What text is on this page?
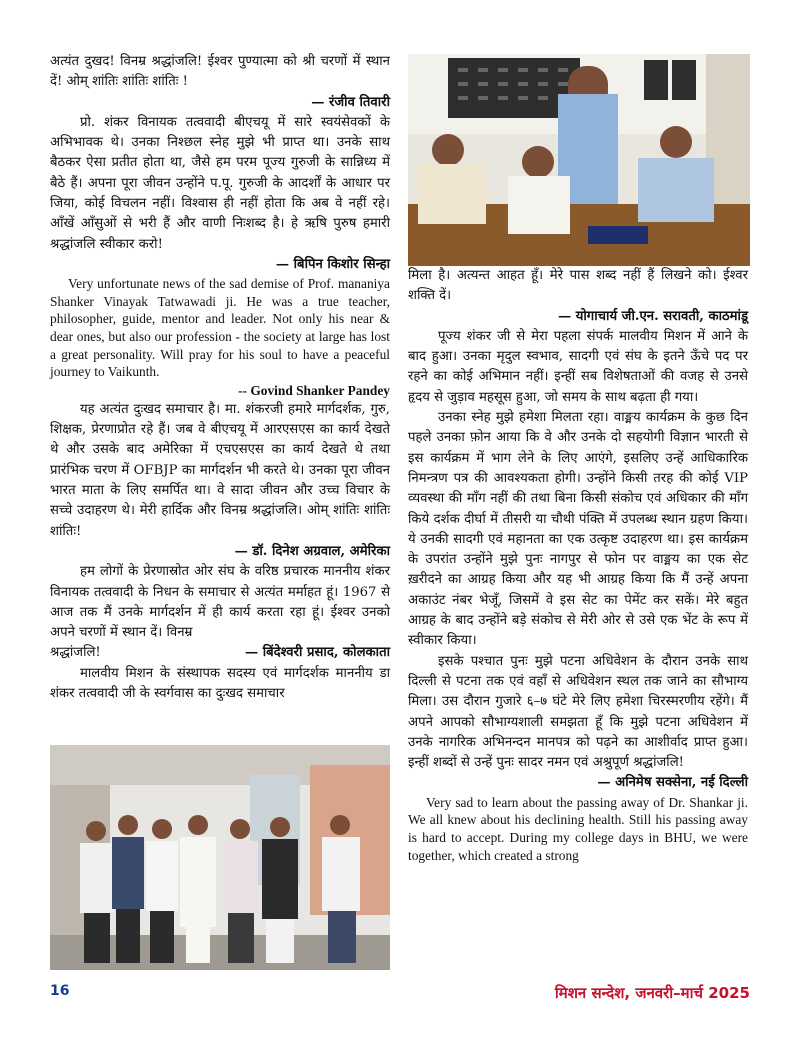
अत्यंत दुखद! विनम्र श्रद्धांजलि! ईश्वर पुण्यात्मा को श्री चरणों में स्थान दें! ओम् शांतिः शांतिः शांतिः !

— रंजीव तिवारी

प्रो. शंकर विनायक तत्ववादी बीएचयू में सारे स्वयंसेवकों के अभिभावक थे। उनका निश्छल स्नेह मुझे भी प्राप्त था। उनके साथ बैठकर ऐसा प्रतीत होता था, जैसे हम परम पूज्य गुरुजी के सान्निध्य में बैठे हैं। अपना पूरा जीवन उन्होंने प.पू. गुरुजी के आदर्शों के आधार पर जिया, कोई विचलन नहीं। विश्वास ही नहीं होता कि अब वे नहीं रहे। आँखें आँसुओं से भरी हैं और वाणी निःशब्द है। हे ऋषि पुरुष हमारी श्रद्धांजलि स्वीकार करो!

— बिपिन किशोर सिन्हा

Very unfortunate news of the sad demise of Prof. mananiya Shanker Vinayak Tatwawadi ji. He was a true teacher, philosopher, guide, mentor and leader. Not only his near & dear ones, but also our profession - the society at large has lost a great personality. Will pray for his soul to have a peaceful journey to Vaikunth.

-- Govind Shanker Pandey

यह अत्यंत दुःखद समाचार है। मा. शंकरजी हमारे मार्गदर्शक, गुरु, शिक्षक, प्रेरणाप्रोत रहे हैं। जब वे बीएचयू में आरएसएस का कार्य देखते थे और उसके बाद अमेरिका में एचएसएस का कार्य देखते थे तथा प्रारंभिक चरण में OFBJP का मार्गदर्शन भी करते थे। उनका पूरा जीवन भारत माता के लिए समर्पित था। वे सादा जीवन और उच्च विचार के सच्चे उदाहरण थे। मेरी हार्दिक और विनम्र श्रद्धांजलि। ओम् शांतिः शांतिः शांतिः!

— डॉ. दिनेश अग्रवाल, अमेरिका

हम लोगों के प्रेरणास्रोत ओर संघ के वरिष्ठ प्रचारक माननीय शंकर विनायक तत्ववादी के निधन के समाचार से अत्यंत मर्माहत हूं। 1967 से आज तक मैं उनके मार्गदर्शन में ही कार्य करता रहा हूं। ईश्वर उनको अपने चरणों में स्थान दें। विनम्र

श्रद्धांजलि!	— बिंदेश्वरी प्रसाद, कोलकाता

मालवीय मिशन के संस्थापक सदस्य एवं मार्गदर्शक माननीय डा शंकर तत्ववादी जी के स्वर्गवास का दुःखद समाचार

मिला है। अत्यन्त आहत हूँ। मेरे पास शब्द नहीं हैं लिखने को। ईश्वर शक्ति दें।

— योगाचार्य जी.एन. सरावती, काठमांडू

पूज्य शंकर जी से मेरा पहला संपर्क मालवीय मिशन में आने के बाद हुआ। उनका मृदुल स्वभाव, सादगी एवं संघ के इतने ऊँचे पद पर रहने का कोई अभिमान नहीं। इन्हीं सब विशेषताओं की वजह से उनसे हृदय से जुड़ाव महसूस हुआ, जो समय के साथ बढ़ता ही गया।

उनका स्नेह मुझे हमेशा मिलता रहा। वाङ्मय कार्यक्रम के कुछ दिन पहले उनका फ़ोन आया कि वे और उनके दो सहयोगी विज्ञान भारती से इस कार्यक्रम में भाग लेने के लिए आएंगे, इसलिए उन्हें आधिकारिक निमन्त्रण पत्र की आवश्यकता होगी। उन्होंने किसी तरह की कोई VIP व्यवस्था की माँग नहीं की तथा बिना किसी संकोच एवं अधिकार की माँग किये दर्शक दीर्घा में तीसरी या चौथी पंक्ति में उपलब्ध स्थान ग्रहण किया। ये उनकी सादगी एवं महानता का एक उत्कृष्ट उदाहरण था। इस कार्यक्रम के उपरांत उन्होंने मुझे पुनः नागपुर से फोन पर वाङ्मय का एक सेट ख़रीदने का आग्रह किया और यह भी आग्रह किया कि मैं उन्हें अपना अकाउंट नंबर भेजूँ, जिसमें वे इस सेट का पेमेंट कर सकें। मेरे बहुत आग्रह के बाद उन्होंने बड़े संकोच से मेरी ओर से उसे एक भेंट के रूप में स्वीकार किया।

इसके पश्चात पुनः मुझे पटना अधिवेशन के दौरान उनके साथ दिल्ली से पटना तक एवं वहाँ से अधिवेशन स्थल तक जाने का सौभाग्य मिला। उस दौरान गुजारे ६–७ घंटे मेरे लिए हमेशा चिरस्मरणीय रहेंगे। मैं अपने आपको सौभाग्यशाली समझता हूँ कि मुझे पटना अधिवेशन में उनके नागरिक अभिनन्दन मानपत्र को पढ़ने का आशीर्वाद प्राप्त हुआ। इन्हीं शब्दों से उन्हें पुनः सादर नमन एवं अश्रुपूर्ण श्रद्धांजलि!

— अनिमेष सक्सेना, नई दिल्ली

Very sad to learn about the passing away of Dr. Shankar ji. We all knew about his declining health. Still his passing away is hard to accept. During my college days in BHU, we were together, which created a strong

16	मिशन सन्देश, जनवरी–मार्च 2025
